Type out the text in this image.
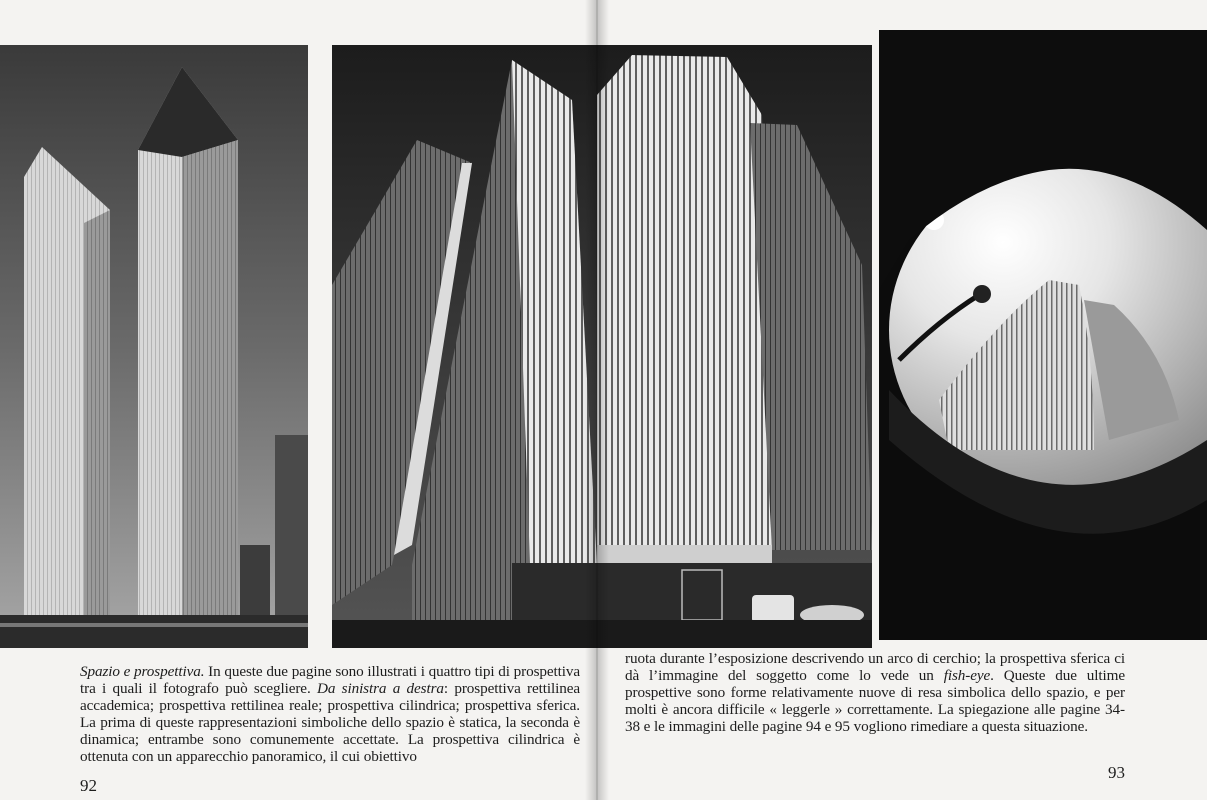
Spazio e prospettiva. In queste due pagine sono illustrati i quattro tipi di prospettiva tra i quali il fotografo può scegliere. Da sinistra a destra: prospettiva rettilinea accademica; prospettiva rettilinea reale; prospettiva cilindrica; prospettiva sferica. La prima di queste rappresentazioni simboliche dello spazio è statica, la seconda è dinamica; entrambe sono comunemente accettate. La prospettiva cilindrica è ottenuta con un apparecchio panoramico, il cui obiettivo

ruota durante l’esposizione descrivendo un arco di cerchio; la prospettiva sferica ci dà l’immagine del soggetto come lo vede un fish-eye. Queste due ultime prospettive sono forme relativamente nuove di resa simbolica dello spazio, e per molti è ancora difficile « leggerle » correttamente. La spiegazione alle pagine 34-38 e le immagini delle pagine 94 e 95 vogliono rimediare a questa situazione.

92
93
